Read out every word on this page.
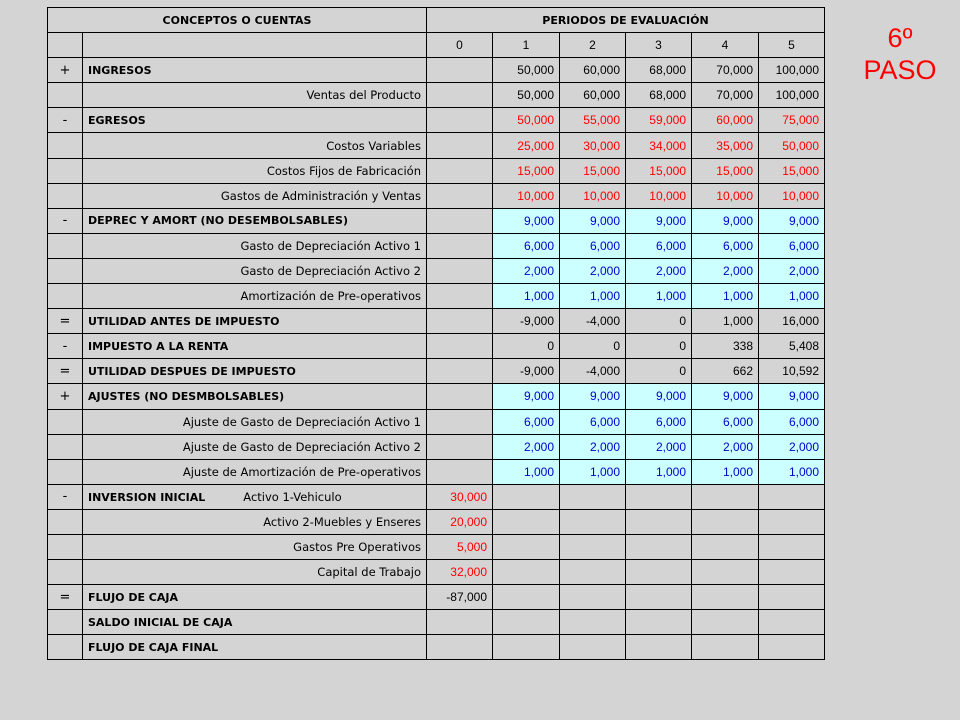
CONCEPTOS O CUENTAS		PERIODOS DE EVALUACIÓN					
		0	1	2	3	4	5
+	INGRESOS		50,000	60,000	68,000	70,000	100,000
	Ventas del Producto		50,000	60,000	68,000	70,000	100,000
-	EGRESOS		50,000	55,000	59,000	60,000	75,000
	Costos Variables		25,000	30,000	34,000	35,000	50,000
	Costos Fijos de Fabricación		15,000	15,000	15,000	15,000	15,000
	Gastos de Administración y Ventas		10,000	10,000	10,000	10,000	10,000
-	DEPREC Y AMORT (NO DESEMBOLSABLES)		9,000	9,000	9,000	9,000	9,000
	Gasto de Depreciación Activo 1		6,000	6,000	6,000	6,000	6,000
	Gasto de Depreciación Activo 2		2,000	2,000	2,000	2,000	2,000
	Amortización de Pre-operativos		1,000	1,000	1,000	1,000	1,000
=	UTILIDAD ANTES DE IMPUESTO		-9,000	-4,000	0	1,000	16,000
-	IMPUESTO A LA RENTA		0	0	0	338	5,408
=	UTILIDAD DESPUES DE IMPUESTO		-9,000	-4,000	0	662	10,592
+	AJUSTES (NO DESMBOLSABLES)		9,000	9,000	9,000	9,000	9,000
	Ajuste de Gasto de Depreciación Activo 1		6,000	6,000	6,000	6,000	6,000
	Ajuste de Gasto de Depreciación Activo 2		2,000	2,000	2,000	2,000	2,000
	Ajuste de Amortización de Pre-operativos		1,000	1,000	1,000	1,000	1,000
-	INVERSION INICIAL Activo 1-Vehiculo	30,000					
	Activo 2-Muebles y Enseres	20,000					
	Gastos Pre Operativos	5,000					
	Capital de Trabajo	32,000					
=	FLUJO DE CAJA	-87,000					
	SALDO INICIAL DE CAJA						
	FLUJO DE CAJA FINAL						
6º
PASO
